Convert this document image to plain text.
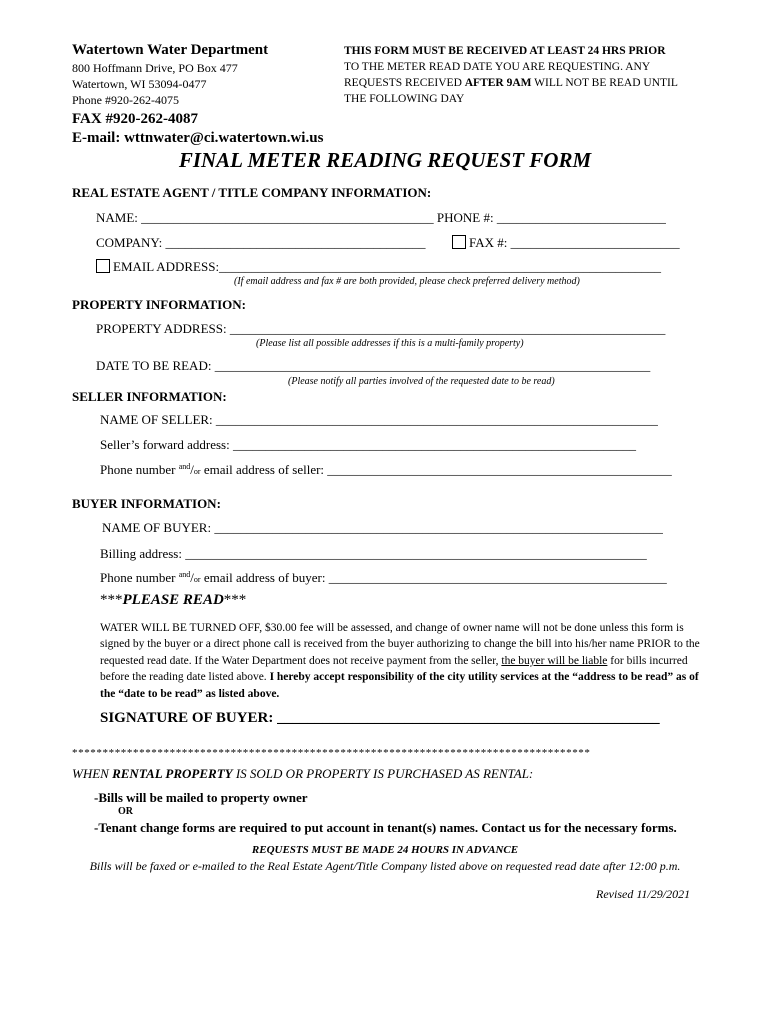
Watertown Water Department
800 Hoffmann Drive, PO Box 477
Watertown, WI 53094-0477
Phone #920-262-4075
FAX #920-262-4087
E-mail: wttnwater@ci.watertown.wi.us
THIS FORM MUST BE RECEIVED AT LEAST 24 HRS PRIOR
TO THE METER READ DATE YOU ARE REQUESTING. ANY
REQUESTS RECEIVED AFTER 9AM WILL NOT BE READ UNTIL
THE FOLLOWING DAY
FINAL METER READING REQUEST FORM
REAL ESTATE AGENT / TITLE COMPANY INFORMATION:
NAME: _____________________________________________ PHONE #: __________________________
COMPANY: ________________________________________	FAX #: __________________________
EMAIL ADDRESS:____________________________________________________________________
(If email address and fax # are both provided, please check preferred delivery method)
PROPERTY INFORMATION:
PROPERTY ADDRESS: ___________________________________________________________________
(Please list all possible addresses if this is a multi-family property)
DATE TO BE READ: ___________________________________________________________________
(Please notify all parties involved of the requested date to be read)
SELLER INFORMATION:
NAME OF SELLER: ____________________________________________________________________
Seller’s forward address: ______________________________________________________________
Phone number $^{and}$/or email address of seller: _____________________________________________________
BUYER INFORMATION:
NAME OF BUYER: _____________________________________________________________________
Billing address: _______________________________________________________________________
Phone number $^{and}$/or email address of buyer: ____________________________________________________
***PLEASE READ***
WATER WILL BE TURNED OFF, $30.00 fee will be assessed, and change of owner name will not be done unless this form is signed by the buyer or a direct phone call is received from the buyer authorizing to change the bill into his/her name PRIOR to the requested read date. If the Water Department does not receive payment from the seller, the buyer will be liable for bills incurred before the reading date listed above. I hereby accept responsibility of the city utility services at the “address to be read” as of the “date to be read” as listed above.
SIGNATURE OF BUYER: ___________________________________________________
*************************************************************************************
WHEN RENTAL PROPERTY IS SOLD OR PROPERTY IS PURCHASED AS RENTAL:
-Bills will be mailed to property owner
OR
-Tenant change forms are required to put account in tenant(s) names. Contact us for the necessary forms.
REQUESTS MUST BE MADE 24 HOURS IN ADVANCE
Bills will be faxed or e-mailed to the Real Estate Agent/Title Company listed above on requested read date after 12:00 p.m.
Revised 11/29/2021
